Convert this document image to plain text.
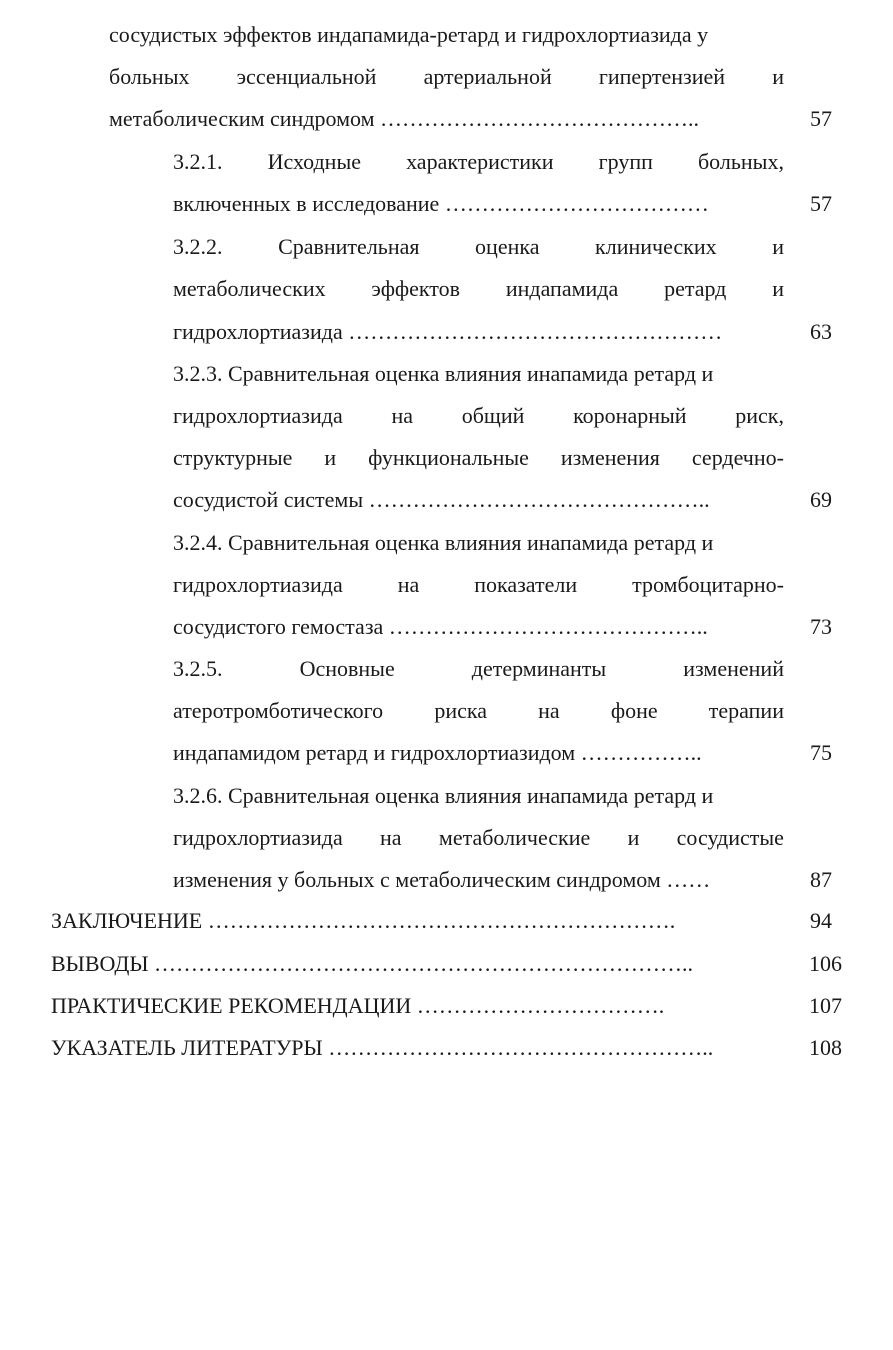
сосудистых эффектов индапамида-ретард и гидрохлортиазида у
больных эссенциальной артериальной гипертензией и
метаболическим синдромом ……………………………………..	57
3.2.1. Исходные характеристики групп больных,
включенных в исследование ………………………………	57
3.2.2.	Сравнительная	оценка	клинических	и
метаболических эффектов индапамида ретард и
гидрохлортиазида ……………………………………………	63
3.2.3. Сравнительная оценка влияния инапамида ретард и
гидрохлортиазида на общий коронарный риск,
структурные и функциональные изменения сердечно-
сосудистой системы ………………………………………..	69
3.2.4. Сравнительная оценка влияния инапамида ретард и
гидрохлортиазида на показатели тромбоцитарно-
сосудистого гемостаза ……………………………………..	73
3.2.5.	Основные	детерминанты	изменений
атеротромботического риска на фоне терапии
индапамидом ретард и гидрохлортиазидом ……………..	75
3.2.6. Сравнительная оценка влияния инапамида ретард и
гидрохлортиазида на метаболические и сосудистые
изменения у больных с метаболическим синдромом ……	87
ЗАКЛЮЧЕНИЕ ……………………………………………………….	94
ВЫВОДЫ ………………………………………………………………..	106
ПРАКТИЧЕСКИЕ РЕКОМЕНДАЦИИ …………………………….	107
УКАЗАТЕЛЬ ЛИТЕРАТУРЫ ……………………………………………..	108
